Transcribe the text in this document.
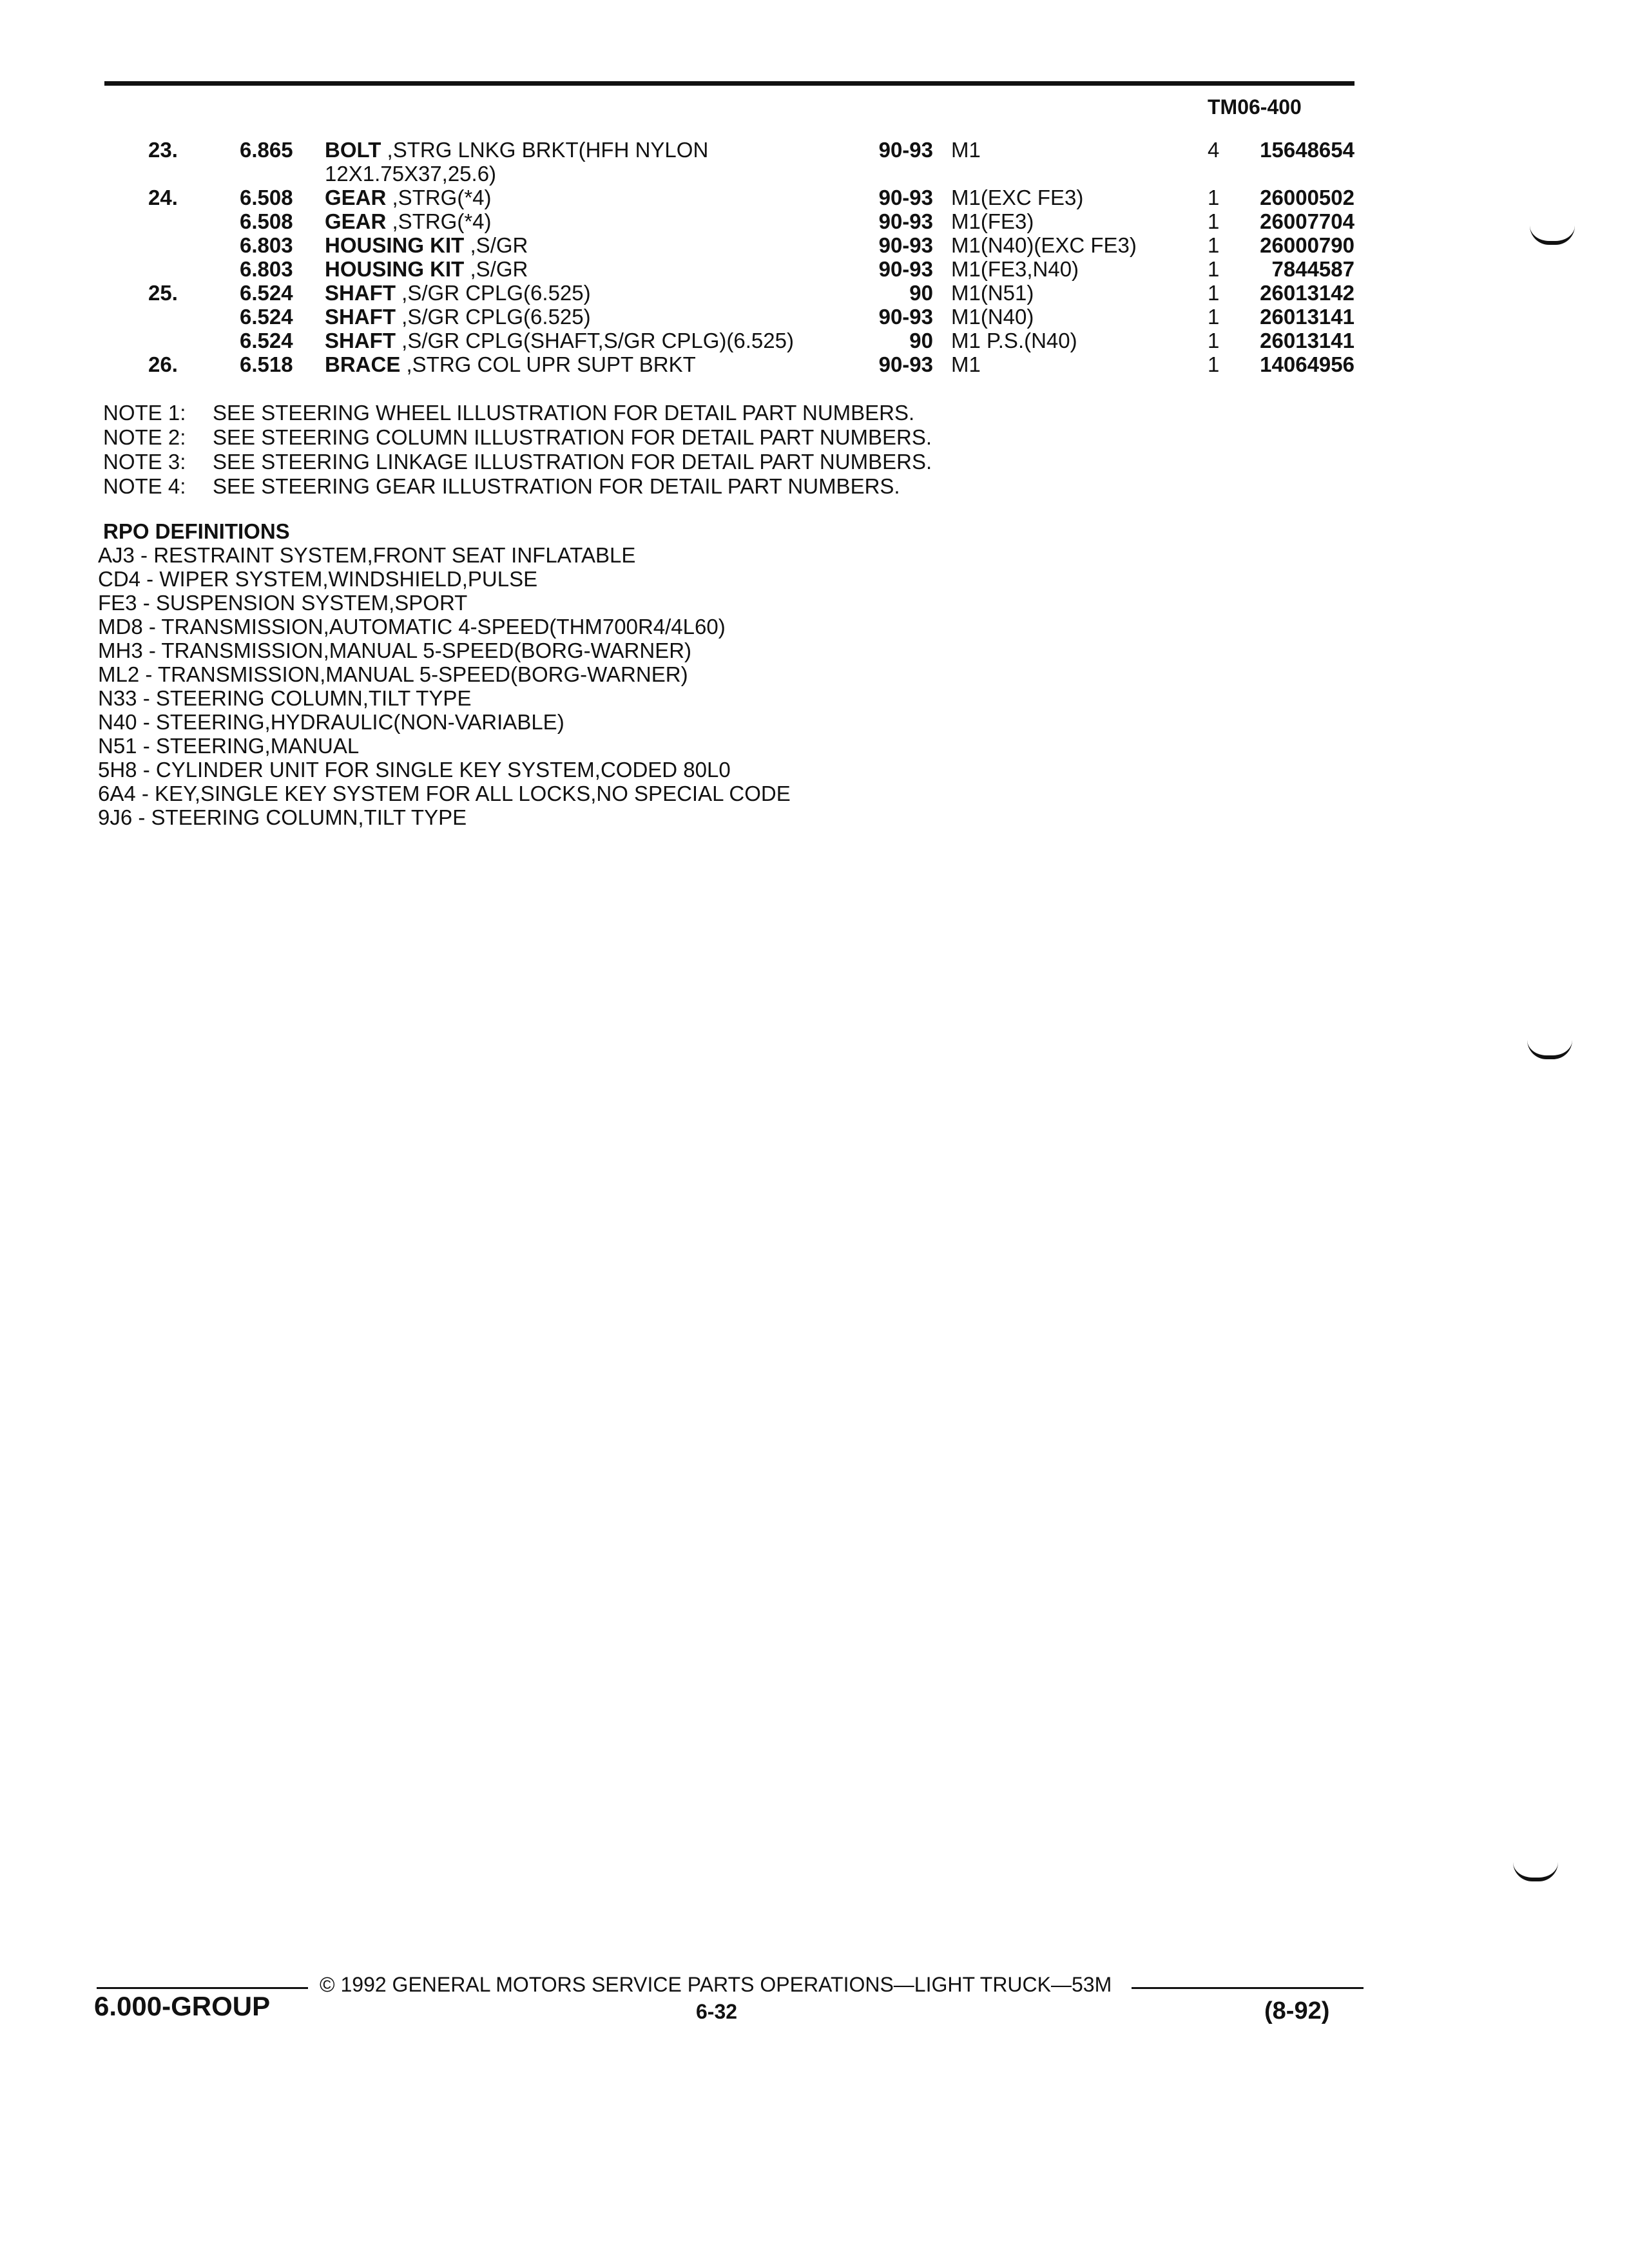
TM06-400
23.	6.865 BOLT ,STRG LNKG BRKT(HFH NYLON	90-93 M1	4 15648654
12X1.75X37,25.6)
24.	6.508 GEAR ,STRG(*4)	90-93 M1(EXC FE3)	1 26000502
6.508 GEAR ,STRG(*4)	90-93 M1(FE3)	1 26007704
6.803 HOUSING KIT ,S/GR	90-93 M1(N40)(EXC FE3)	1 26000790
6.803 HOUSING KIT ,S/GR	90-93 M1(FE3,N40)	1 7844587
25.	6.524 SHAFT ,S/GR CPLG(6.525)	90 M1(N51)	1 26013142
6.524 SHAFT ,S/GR CPLG(6.525)	90-93 M1(N40)	1 26013141
6.524 SHAFT ,S/GR CPLG(SHAFT,S/GR CPLG)(6.525)	90 M1 P.S.(N40)	1 26013141
26.	6.518 BRACE ,STRG COL UPR SUPT BRKT	90-93 M1	1 14064956
NOTE 1: SEE STEERING WHEEL ILLUSTRATION FOR DETAIL PART NUMBERS.
NOTE 2: SEE STEERING COLUMN ILLUSTRATION FOR DETAIL PART NUMBERS.
NOTE 3: SEE STEERING LINKAGE ILLUSTRATION FOR DETAIL PART NUMBERS.
NOTE 4: SEE STEERING GEAR ILLUSTRATION FOR DETAIL PART NUMBERS.
RPO DEFINITIONS
AJ3 - RESTRAINT SYSTEM,FRONT SEAT INFLATABLE
CD4 - WIPER SYSTEM,WINDSHIELD,PULSE
FE3 - SUSPENSION SYSTEM,SPORT
MD8 - TRANSMISSION,AUTOMATIC 4-SPEED(THM700R4/4L60)
MH3 - TRANSMISSION,MANUAL 5-SPEED(BORG-WARNER)
ML2 - TRANSMISSION,MANUAL 5-SPEED(BORG-WARNER)
N33 - STEERING COLUMN,TILT TYPE
N40 - STEERING,HYDRAULIC(NON-VARIABLE)
N51 - STEERING,MANUAL
5H8 - CYLINDER UNIT FOR SINGLE KEY SYSTEM,CODED 80L0
6A4 - KEY,SINGLE KEY SYSTEM FOR ALL LOCKS,NO SPECIAL CODE
9J6 - STEERING COLUMN,TILT TYPE
© 1992 GENERAL MOTORS SERVICE PARTS OPERATIONS—LIGHT TRUCK—53M
6.000-GROUP	6-32	(8-92)
